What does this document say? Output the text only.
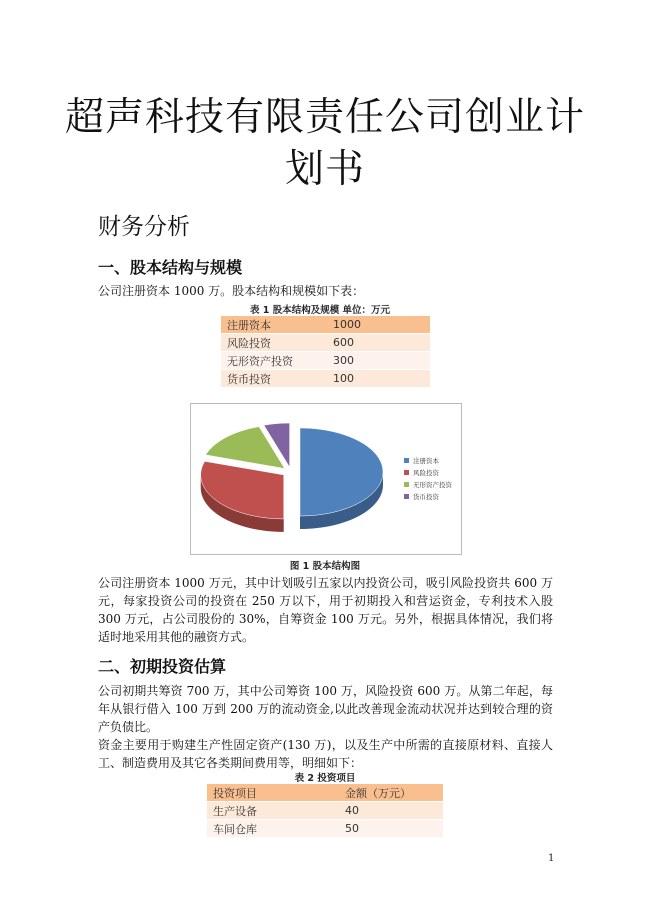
超声科技有限责任公司创业计划书
财务分析
一、股本结构与规模
公司注册资本 1000 万。股本结构和规模如下表：
表 1 股本结构及规模 单位：万元
注册资本	1000
风险投资	600
无形资产投资	300
货币投资	100
注册资本
风险投资
无形资产投资
货币投资
图 1 股本结构图
公司注册资本 1000 万元，其中计划吸引五家以内投资公司，吸引风险投资共 600 万元，每家投资公司的投资在 250 万以下，用于初期投入和营运资金，专利技术入股 300 万元，占公司股份的 30%，自筹资金 100 万元。另外，根据具体情况，我们将适时地采用其他的融资方式。
二、初期投资估算
公司初期共筹资 700 万，其中公司筹资 100 万，风险投资 600 万。从第二年起，每年从银行借入 100 万到 200 万的流动资金,以此改善现金流动状况并达到较合理的资产负债比。
资金主要用于购建生产性固定资产(130 万)，以及生产中所需的直接原材料、直接人工、制造费用及其它各类期间费用等，明细如下：
表 2 投资项目
投资项目	金额（万元）
生产设备	40
车间仓库	50
1
